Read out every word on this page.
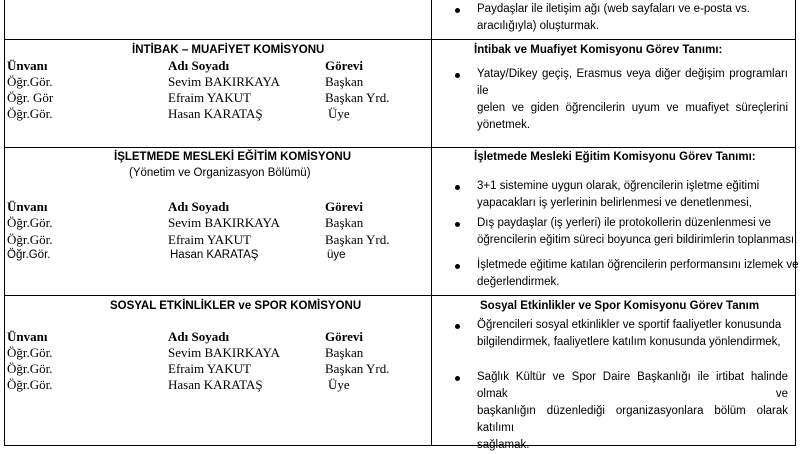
Paydaşlar ile iletişim ağı (web sayfaları ve e-posta vs.
aracılığıyla) oluşturmak.
İNTİBAK – MUAFİYET KOMİSYONU
Ünvanı	Adı Soyadı	Görevi
Öğr.Gör.	Sevim BAKIRKAYA	Başkan
Öğr. Gör	Efraim YAKUT	Başkan Yrd.
Öğr.Gör.	Hasan KARATAŞ	Üye
İntibak ve Muafiyet Komisyonu Görev Tanımı:
Yatay/Dikey geçiş, Erasmus veya diğer değişim programları ile
gelen ve giden öğrencilerin uyum ve muafiyet süreçlerini
yönetmek.
İŞLETMEDE MESLEKİ EĞİTİM KOMİSYONU
(Yönetim ve Organizasyon Bölümü)
Ünvanı	Adı Soyadı	Görevi
Öğr.Gör.	Sevim BAKIRKAYA	Başkan
Öğr.Gör.	Efraim YAKUT	Başkan Yrd.
Öğr.Gör.	Hasan KARATAŞ	üye
İşletmede Mesleki Eğitim Komisyonu Görev Tanımı:
3+1 sistemine uygun olarak, öğrencilerin işletme eğitimi
yapacakları iş yerlerinin belirlenmesi ve denetlenmesi,
Dış paydaşlar (iş yerleri) ile protokollerin düzenlenmesi ve
öğrencilerin eğitim süreci boyunca geri bildirimlerin toplanması,
İşletmede eğitime katılan öğrencilerin performansını izlemek ve
değerlendirmek.
SOSYAL ETKİNLİKLER ve SPOR KOMİSYONU
Ünvanı	Adı Soyadı	Görevi
Öğr.Gör.	Sevim BAKIRKAYA	Başkan
Öğr.Gör.	Efraim YAKUT	Başkan Yrd.
Öğr.Gör.	Hasan KARATAŞ	Üye
Sosyal Etkinlikler ve Spor Komisyonu Görev Tanım
Öğrencileri sosyal etkinlikler ve sportif faaliyetler konusunda
bilgilendirmek, faaliyetlere katılım konusunda yönlendirmek,
Sağlık Kültür ve Spor Daire Başkanlığı ile irtibat halinde olmak ve
başkanlığın düzenlediği organizasyonlara bölüm olarak katılımı
sağlamak.
